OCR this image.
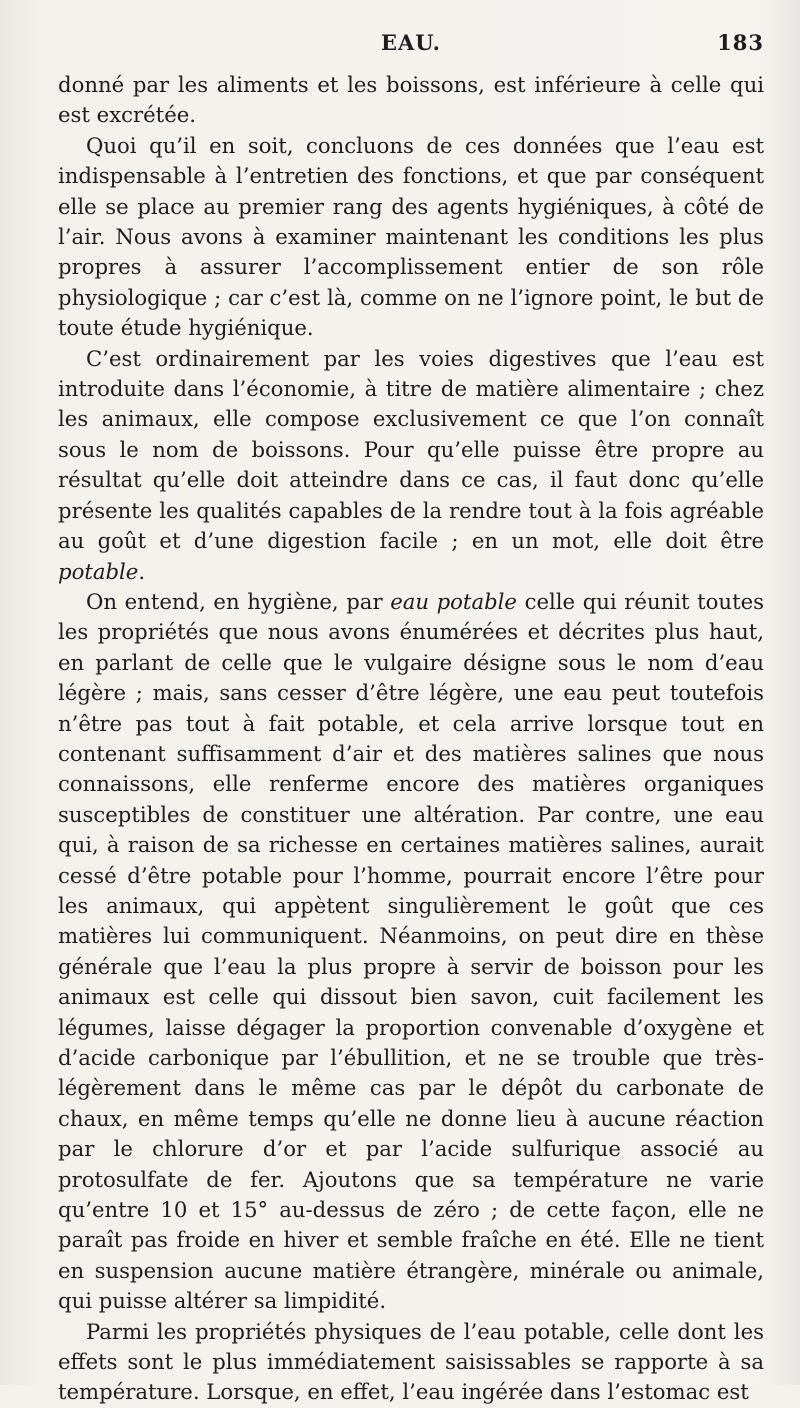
EAU.	183

donné par les aliments et les boissons, est inférieure à celle qui est excrétée.

Quoi qu’il en soit, concluons de ces données que l’eau est indispensable à l’entretien des fonctions, et que par conséquent elle se place au premier rang des agents hygiéniques, à côté de l’air. Nous avons à examiner maintenant les conditions les plus propres à assurer l’accomplissement entier de son rôle physiologique ; car c’est là, comme on ne l’ignore point, le but de toute étude hygiénique.

C’est ordinairement par les voies digestives que l’eau est introduite dans l’économie, à titre de matière alimentaire ; chez les animaux, elle compose exclusivement ce que l’on connaît sous le nom de boissons. Pour qu’elle puisse être propre au résultat qu’elle doit atteindre dans ce cas, il faut donc qu’elle présente les qualités capables de la rendre tout à la fois agréable au goût et d’une digestion facile ; en un mot, elle doit être potable.

On entend, en hygiène, par eau potable celle qui réunit toutes les propriétés que nous avons énumérées et décrites plus haut, en parlant de celle que le vulgaire désigne sous le nom d’eau légère ; mais, sans cesser d’être légère, une eau peut toutefois n’être pas tout à fait potable, et cela arrive lorsque tout en contenant suffisamment d’air et des matières salines que nous connaissons, elle renferme encore des matières organiques susceptibles de constituer une altération. Par contre, une eau qui, à raison de sa richesse en certaines matières salines, aurait cessé d’être potable pour l’homme, pourrait encore l’être pour les animaux, qui appètent singulièrement le goût que ces matières lui communiquent. Néanmoins, on peut dire en thèse générale que l’eau la plus propre à servir de boisson pour les animaux est celle qui dissout bien savon, cuit facilement les légumes, laisse dégager la proportion convenable d’oxygène et d’acide carbonique par l’ébullition, et ne se trouble que très-légèrement dans le même cas par le dépôt du carbonate de chaux, en même temps qu’elle ne donne lieu à aucune réaction par le chlorure d’or et par l’acide sulfurique associé au protosulfate de fer. Ajoutons que sa température ne varie qu’entre 10 et 15° au-dessus de zéro ; de cette façon, elle ne paraît pas froide en hiver et semble fraîche en été. Elle ne tient en suspension aucune matière étrangère, minérale ou animale, qui puisse altérer sa limpidité.

Parmi les propriétés physiques de l’eau potable, celle dont les effets sont le plus immédiatement saisissables se rapporte à sa température. Lorsque, en effet, l’eau ingérée dans l’estomac est
